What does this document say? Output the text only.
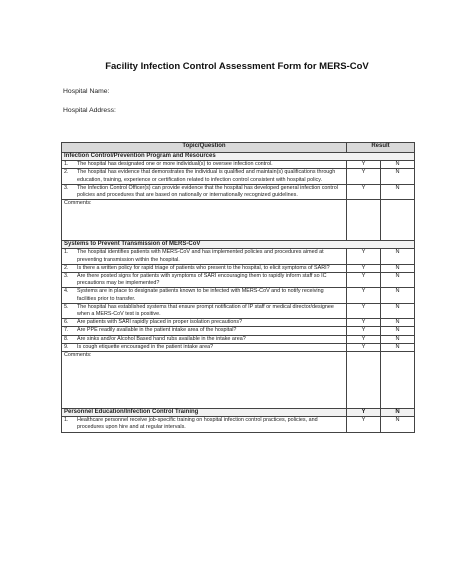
Facility Infection Control Assessment Form for MERS-CoV
Hospital Name:
Hospital Address:
Topic/Question	Result	
Infection Control/Prevention Program and Resources		

1. The hospital has designated one or more individual(s) to oversee infection control.	Y	N

2. The hospital has evidence that demonstrates the individual is qualified and maintain(s) qualifications through education, training, experience or certification related to infection control consistent with hospital policy.	Y	N

3. The Infection Control Officer(s) can provide evidence that the hospital has developed general infection control policies and procedures that are based on nationally or internationally recognized guidelines.	Y	N
Comments:		
Systems to Prevent Transmission of MERS-CoV		

1. The hospital identifies patients with MERS-CoV and has implemented policies and procedures aimed at preventing transmission within the hospital.	Y	N

2. Is there a written policy for rapid triage of patients who present to the hospital, to elicit symptoms of SARI?	Y	N

3. Are there posted signs for patients with symptoms of SARI encouraging them to rapidly inform staff so IC precautions may be implemented?	Y	N

4. Systems are in place to designate patients known to be infected with MERS-CoV and to notify receiving facilities prior to transfer.	Y	N

5. The hospital has established systems that ensure prompt notification of IP staff or medical director/designee when a MERS-CoV test is positive.	Y	N

6. Are patients with SARI rapidly placed in proper isolation precautions?	Y	N

7. Are PPE readily available in the patient intake area of the hospital?	Y	N

8. Are sinks and/or Alcohol Based hand rubs available in the intake area?	Y	N

9. Is cough etiquette encouraged in the patient intake area?	Y	N
Comments:		
Personnel Education/Infection Control Training	Y	N

1. Healthcare personnel receive job-specific training on hospital infection control practices, policies, and procedures upon hire and at regular intervals.	Y	N
